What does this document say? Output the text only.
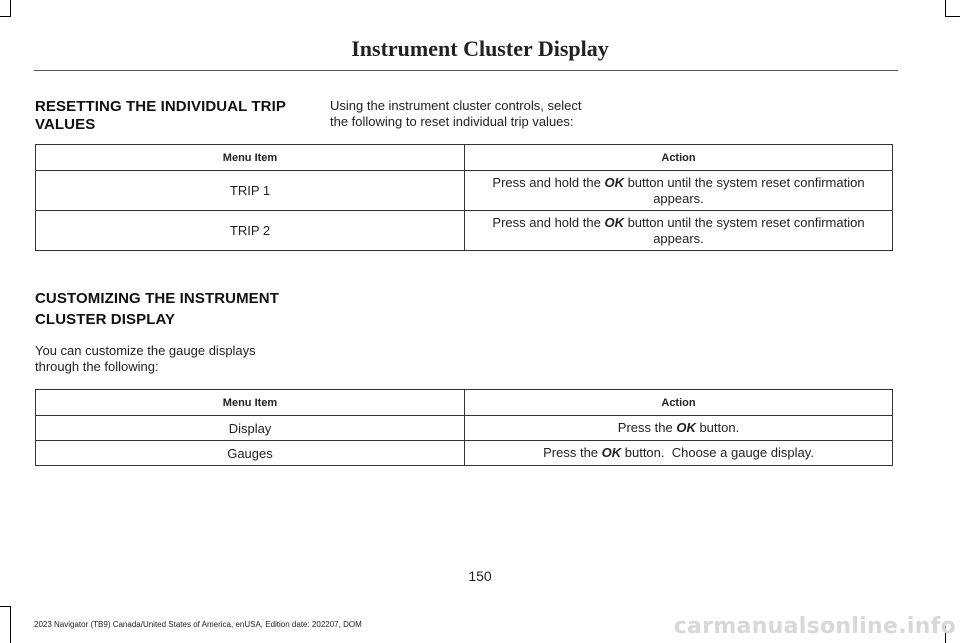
Instrument Cluster Display
RESETTING THE INDIVIDUAL TRIP
VALUES
Using the instrument cluster controls, select
the following to reset individual trip values:
Menu Item	Action
TRIP 1	Press and hold the OK button until the system reset confirmation
appears.
TRIP 2	Press and hold the OK button until the system reset confirmation
appears.
CUSTOMIZING THE INSTRUMENT
CLUSTER DISPLAY
You can customize the gauge displays
through the following:
Menu Item	Action
Display	Press the OK button.
Gauges	Press the OK button.  Choose a gauge display.
150
2023 Navigator (TB9) Canada/United States of America, enUSA, Edition date: 202207, DOM	carmanualsonline.info
